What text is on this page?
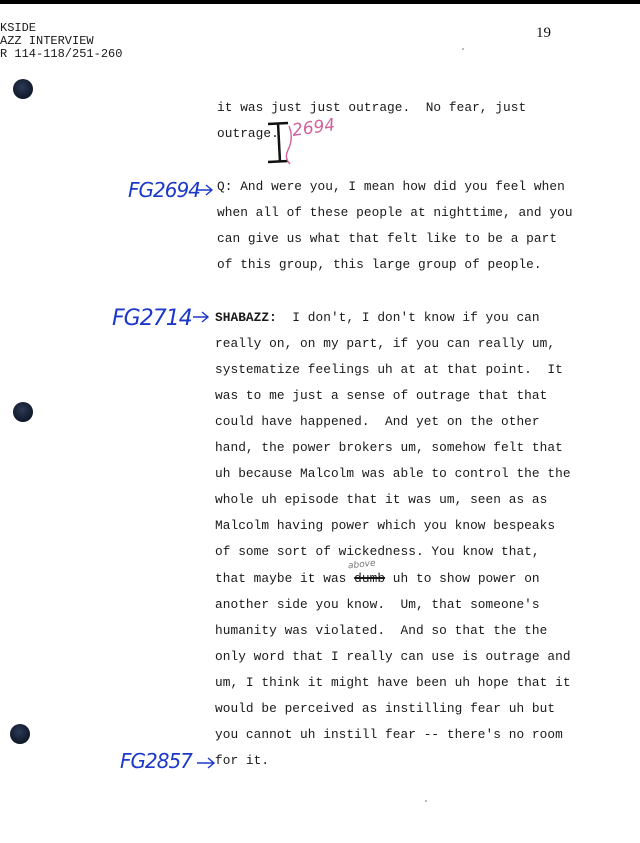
KSIDE
AZZ INTERVIEW
R 114-118/251-260
19
it was just just outrage.  No fear, just
outrage. 2694
FG2694 Q: And were you, I mean how did you feel when
when all of these people at nighttime, and you
can give us what that felt like to be a part
of this group, this large group of people.
FG2714 SHABAZZ:  I don't, I don't know if you can
really on, on my part, if you can really um,
systematize feelings uh at at that point.  It
was to me just a sense of outrage that that
could have happened.  And yet on the other
hand, the power brokers um, somehow felt that
uh because Malcolm was able to control the the
whole uh episode that it was um, seen as as
Malcolm having power which you know bespeaks
of some sort of wickedness. You know that,
that maybe it was dumb uh to show power on
above
another side you know.  Um, that someone's
humanity was violated.  And so that the the
only word that I really can use is outrage and
um, I think it might have been uh hope that it
would be perceived as instilling fear uh but
you cannot uh instill fear -- there's no room
for it.
FG2857
